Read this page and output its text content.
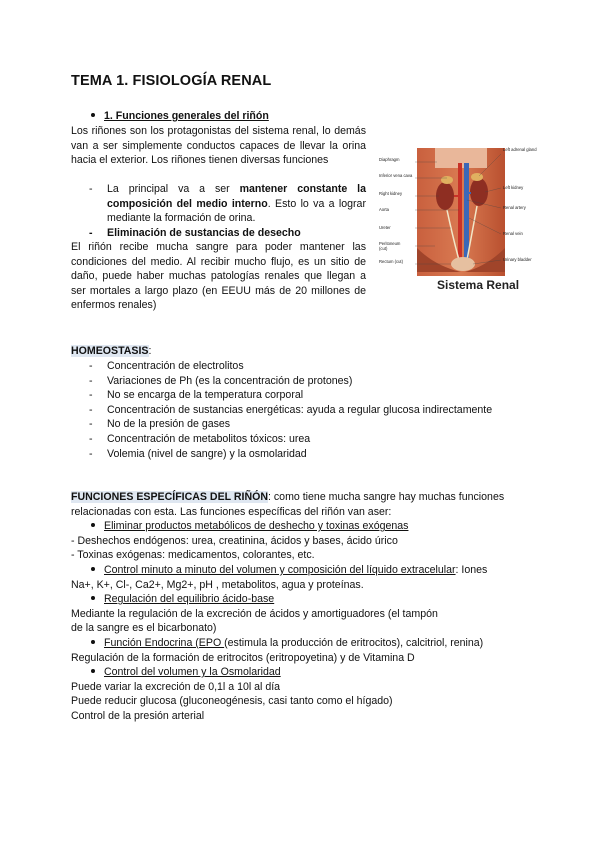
TEMA 1. FISIOLOGÍA RENAL
1. Funciones generales del riñón
Los riñones son los protagonistas del sistema renal, lo demás van a ser simplemente conductos capaces de llevar la orina hacia el exterior. Los riñones tienen diversas funciones
- La principal va a ser mantener constante la composición del medio interno. Esto lo va a lograr mediante la formación de orina.
- Eliminación de sustancias de desecho
El riñón recibe mucha sangre para poder mantener las condiciones del medio. Al recibir mucho flujo, es un sitio de daño, puede haber muchas patologías renales que llegan a ser mortales a largo plazo (en EEUU más de 20 millones de enfermos renales)
Diaphragm
Inferior vena cava
Right kidney
Aorta
Ureter
Peritoneum (cut)
Rectum (cut)
Left adrenal gland
Left kidney
Renal artery
Renal vein
Urinary bladder
Sistema Renal
HOMEOSTASIS:
- Concentración de electrolitos
- Variaciones de Ph (es la concentración de protones)
- No se encarga de la temperatura corporal
- Concentración de sustancias energéticas: ayuda a regular glucosa indirectamente
- No de la presión de gases
- Concentración de metabolitos tóxicos: urea
- Volemia (nivel de sangre) y la osmolaridad
FUNCIONES ESPECÍFICAS DEL RIÑÓN: como tiene mucha sangre hay muchas funciones relacionadas con esta. Las funciones específicas del riñón van aser:
Eliminar productos metabólicos de deshecho y toxinas exógenas
- Deshechos endógenos: urea, creatinina, ácidos y bases, ácido úrico
- Toxinas exógenas: medicamentos, colorantes, etc.
Control minuto a minuto del volumen y composición del líquido extracelular: Iones
Na+, K+, Cl-, Ca2+, Mg2+, pH , metabolitos, agua y proteínas.
Regulación del equilibrio ácido-base
Mediante la regulación de la excreción de ácidos y amortiguadores (el tampón
de la sangre es el bicarbonato)
Función Endocrina (EPO (estimula la producción de eritrocitos), calcitriol, renina)
Regulación de la formación de eritrocitos (eritropoyetina) y de Vitamina D
Control del volumen y la Osmolaridad
Puede variar la excreción de 0,1l a 10l al día
Puede reducir glucosa (gluconeogénesis, casi tanto como el hígado)
Control de la presión arterial
